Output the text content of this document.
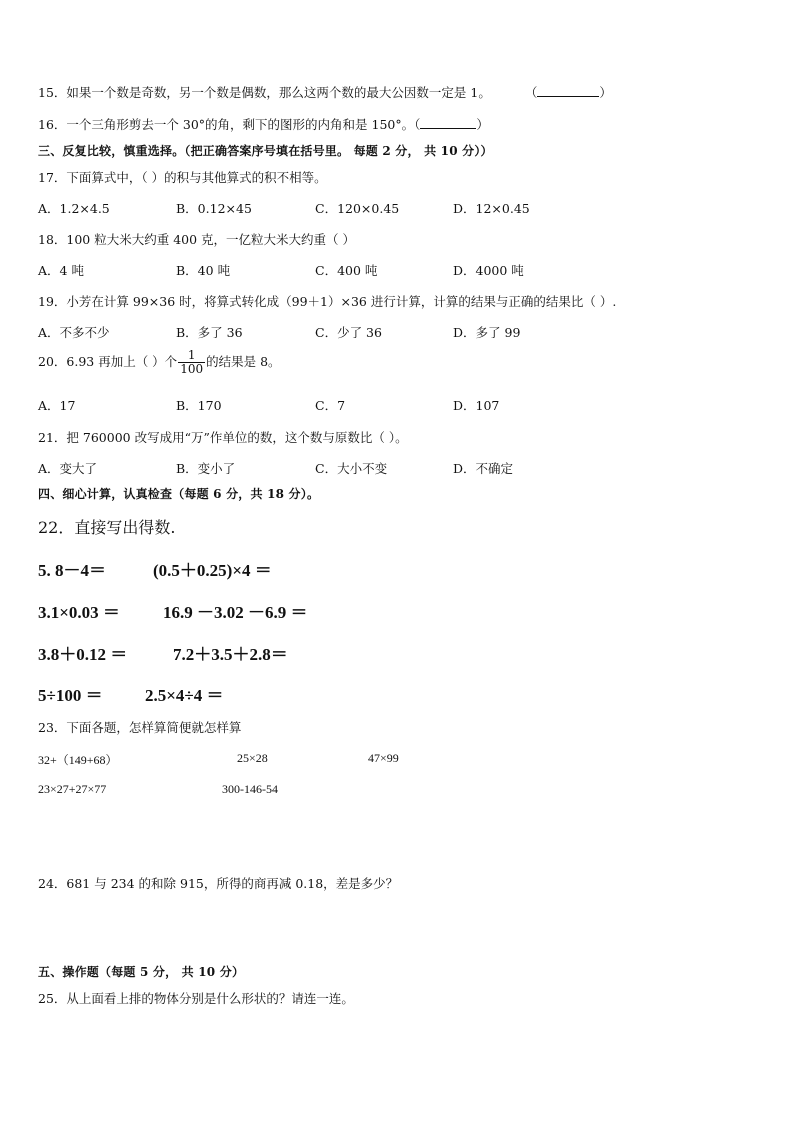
15．如果一个数是奇数，另一个数是偶数，那么这两个数的最大公因数一定是 1。	（	）
16．一个三角形剪去一个 30°的角，剩下的图形的内角和是 150°。（	）
三、反复比较，慎重选择。（把正确答案序号填在括号里。 每题 2 分， 共 10 分））
17．下面算式中，（ ）的积与其他算式的积不相等。
A．1.2×4.5	B．0.12×45	C．120×0.45	D．12×0.45
18．100 粒大米大约重 400 克，一亿粒大米大约重（ ）
A．4 吨	B．40 吨	C．400 吨	D．4000 吨
19．小芳在计算 99×36 时，将算式转化成（99＋1）×36 进行计算，计算的结果与正确的结果比（ ）.
A．不多不少	B．多了 36	C．少了 36	D．多了 99
20．6.93 再加上（ ）个 $\frac{1}{100}$ 的结果是 8。
A．17	B．170	C．7	D．107
21．把 760000 改写成用“万”作单位的数，这个数与原数比（ ）。
A．变大了	B．变小了	C．大小不变	D．不确定
四、细心计算，认真检查（每题 6 分，共 18 分）。
22．直接写出得数.
5. 8－4＝	(0.5＋0.25)×4 ＝
3.1×0.03 ＝	16.9 －3.02 －6.9 ＝
3.8＋0.12 ＝	7.2＋3.5＋2.8＝
5÷100 ＝ 2.5×4÷4 ＝
23．下面各题，怎样算简便就怎样算
32+（149+68）	25×28	47×99
23×27+27×77	300-146-54
24．681 与 234 的和除 915，所得的商再减 0.18，差是多少？
五、操作题（每题 5 分， 共 10 分）
25．从上面看上排的物体分别是什么形状的？请连一连。
